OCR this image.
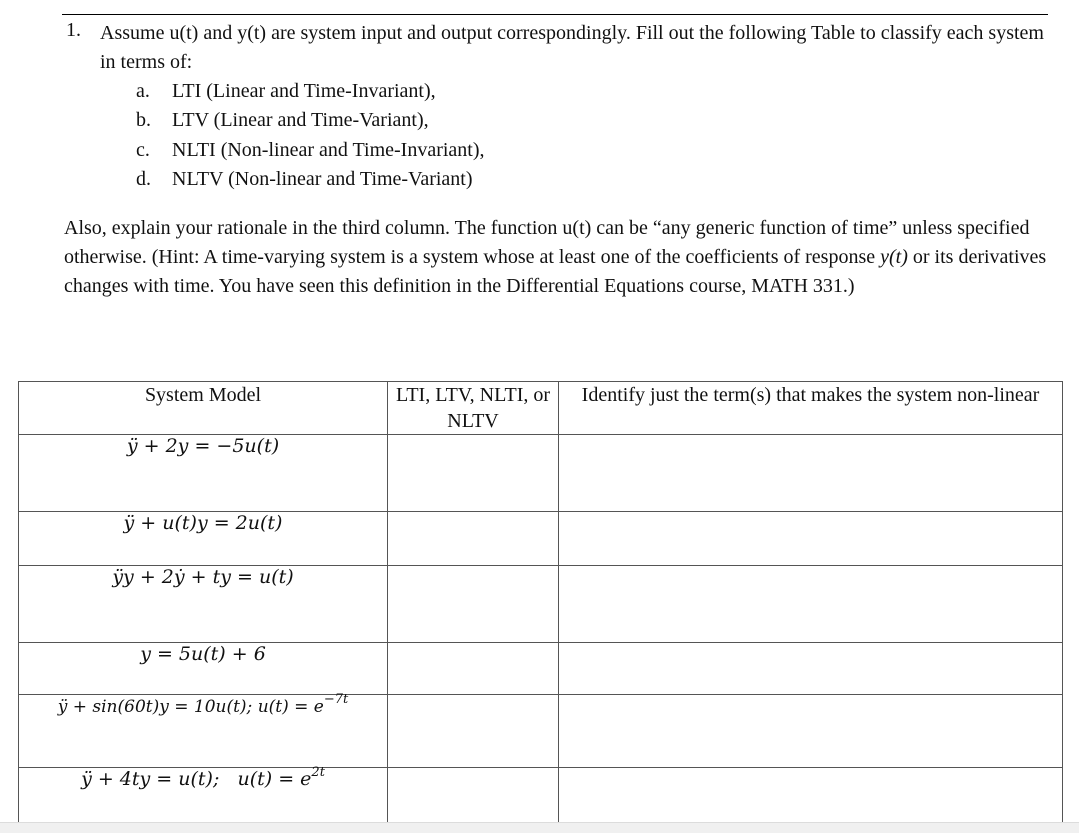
1. Assume u(t) and y(t) are system input and output correspondingly. Fill out the following Table to classify each system in terms of:

a. LTI (Linear and Time-Invariant),
b. LTV (Linear and Time-Variant),
c. NLTI (Non-linear and Time-Invariant),
d. NLTV (Non-linear and Time-Variant)

Also, explain your rationale in the third column. The function u(t) can be “any generic function of time” unless specified otherwise. (Hint: A time-varying system is a system whose at least one of the coefficients of response y(t) or its derivatives changes with time. You have seen this definition in the Differential Equations course, MATH 331.)

System Model	LTI, LTV, NLTI, or NLTV	Identify just the term(s) that makes the system non-linear
ÿ + 2y = −5u(t)		
ÿ + u(t)y = 2u(t)		
ÿy + 2ẏ + ty = u(t)		
y = 5u(t) + 6		
ÿ + sin(60t)y = 10u(t); $u(t) = e^{-7t}$		
ÿ + 4ty = u(t);   $u(t) = e^{2t}$		
